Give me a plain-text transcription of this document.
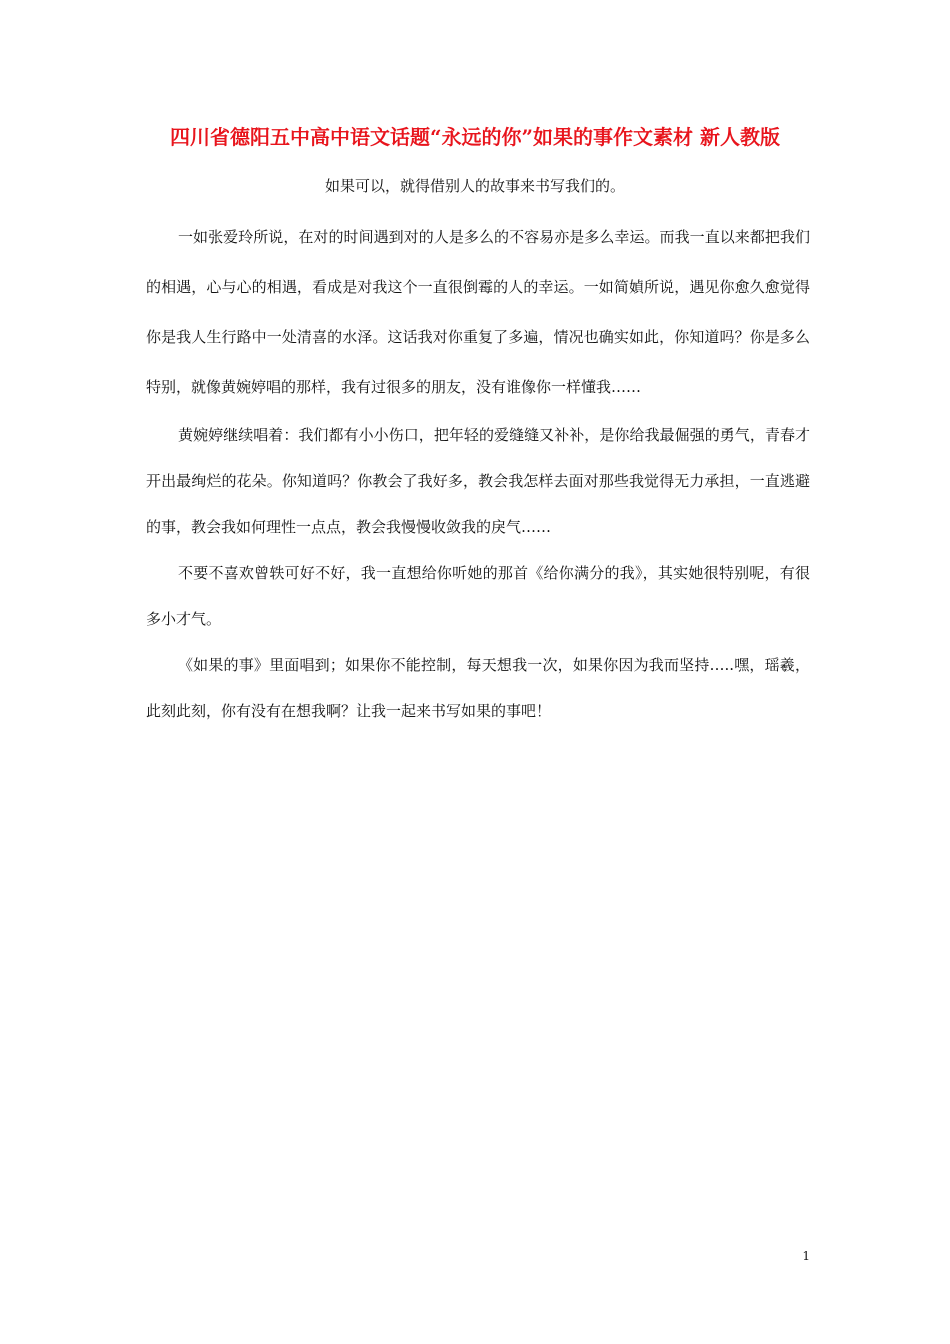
四川省德阳五中高中语文话题“永远的你”如果的事作文素材 新人教版

如果可以，就得借别人的故事来书写我们的。

一如张爱玲所说，在对的时间遇到对的人是多么的不容易亦是多么幸运。而我一直以来都把我们的相遇，心与心的相遇，看成是对我这个一直很倒霉的人的幸运。一如简媜所说，遇见你愈久愈觉得你是我人生行路中一处清喜的水泽。这话我对你重复了多遍，情况也确实如此，你知道吗？你是多么特别，就像黄婉婷唱的那样，我有过很多的朋友，没有谁像你一样懂我……

黄婉婷继续唱着：我们都有小小伤口，把年轻的爱缝缝又补补，是你给我最倔强的勇气，青春才开出最绚烂的花朵。你知道吗？你教会了我好多，教会我怎样去面对那些我觉得无力承担，一直逃避的事，教会我如何理性一点点，教会我慢慢收敛我的戾气……

不要不喜欢曾轶可好不好，我一直想给你听她的那首《给你满分的我》，其实她很特别呢，有很多小才气。

《如果的事》里面唱到；如果你不能控制，每天想我一次，如果你因为我而坚持…..嘿，瑶羲，此刻此刻，你有没有在想我啊？让我一起来书写如果的事吧！

1
